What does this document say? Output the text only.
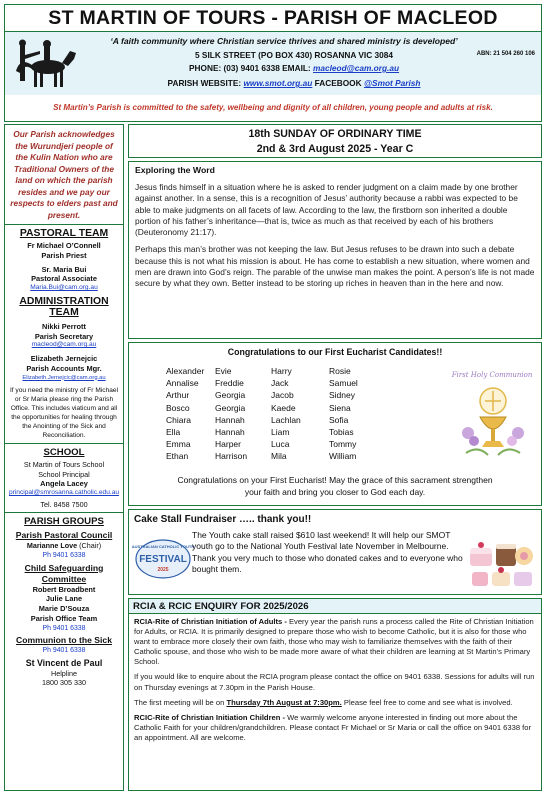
ST MARTIN OF TOURS - PARISH OF MACLEOD
‘A faith community where Christian service thrives and shared ministry is developed’
ABN: 21 504 260 106
5 SILK STREET (PO BOX 430) ROSANNA VIC 3084
PHONE: (03) 9401 6338 EMAIL: macleod@cam.org.au
PARISH WEBSITE: www.smot.org.au FACEBOOK @Smot Parish
St Martin’s Parish is committed to the safety, wellbeing and dignity of all children, young people and adults at risk.
Our Parish acknowledges the Wurundjeri people of the Kulin Nation who are Traditional Owners of the land on which the parish resides and we pay our respects to elders past and present.
PASTORAL TEAM
Fr Michael O’Connell
Parish Priest
Sr. Maria Bui
Pastoral Associate
Maria.Bui@cam.org.au
ADMINISTRATION TEAM
Nikki Perrott
Parish Secretary
macleod@cam.org.au
Elizabeth Jernejcic
Parish Accounts Mgr.
Elizabeth.Jernejcic@cam.org.au
If you need the ministry of Fr Michael or Sr Maria please ring the Parish Office. This includes viaticum and all the opportunities for healing through the Anointing of the Sick and Reconciliation.
SCHOOL
St Martin of Tours School
School Principal
Angela Lacey
principal@smrosanna.catholic.edu.au
Tel. 8458 7500
PARISH GROUPS
Parish Pastoral Council
Marianne Love (Chair)
Ph 9401 6338
Child Safeguarding Committee
Robert Broadbent
Julie Lane
Marie D’Souza
Parish Office Team
Ph 9401 6338
Communion to the Sick
Ph 9401 6338
St Vincent de Paul
Helpline
1800 305 330
18th SUNDAY OF ORDINARY TIME
2nd & 3rd August 2025 - Year C
Exploring the Word

Jesus finds himself in a situation where he is asked to render judgment on a claim made by one brother against another. In a sense, this is a recognition of Jesus’ authority because a rabbi was expected to be able to make judgments on all facets of law. According to the law, the firstborn son inherited a double portion of his father’s inheritance—that is, twice as much as that received by each of his brothers (Deuteronomy 21:17).

Perhaps this man’s brother was not keeping the law. But Jesus refuses to be drawn into such a debate because this is not what his mission is about. He has come to establish a new situation, where women and men are drawn into God’s reign. The parable of the unwise man makes the point. A person’s life is not made secure by what they own. Better instead to be storing up riches in heaven than in the here and now.

Congratulations to our First Eucharist Candidates!!
Alexander
Annalise
Arthur
Bosco
Chiara
Ella
Emma
Ethan
Evie
Freddie
Georgia
Georgia
Hannah
Hannah
Harper
Harrison
Harry
Jack
Jacob
Kaede
Lachlan
Liam
Luca
Mila
Rosie
Samuel
Sidney
Siena
Sofia
Tobias
Tommy
William
First Holy Communion
Congratulations on your First Eucharist! May the grace of this sacrament strengthen
your faith and bring you closer to God each day.
Cake Stall Fundraiser ….. thank you!!
AUSTRALIAN CATHOLIC YOUTH
FESTIVAL
2025
The Youth cake stall raised $610 last weekend! It will help our SMOT youth go to the National Youth Festival late November in Melbourne. Thank you very much to those who donated cakes and to everyone who bought them.
RCIA & RCIC ENQUIRY FOR 2025/2026

RCIA-Rite of Christian Initiation of Adults - Every year the parish runs a process called the Rite of Christian Initiation for Adults, or RCIA. It is primarily designed to prepare those who wish to become Catholic, but it is also for those who want to embrace more closely their own faith, those who may wish to familiarize themselves with the faith of their Catholic spouse, and those who wish to be made more aware of what their children are learning at St Martin’s Primary School.

If you would like to enquire about the RCIA program please contact the office on 9401 6338. Sessions for adults will run on Thursday evenings at 7.30pm in the Parish House.

The first meeting will be on Thursday 7th August at 7:30pm. Please feel free to come and see what is involved.

RCIC-Rite of Christian Initiation Children - We warmly welcome anyone interested in finding out more about the Catholic Faith for your children/grandchildren. Please contact Fr Michael or Sr Maria or call the office on 9401 6338 for an appointment. All are welcome.
